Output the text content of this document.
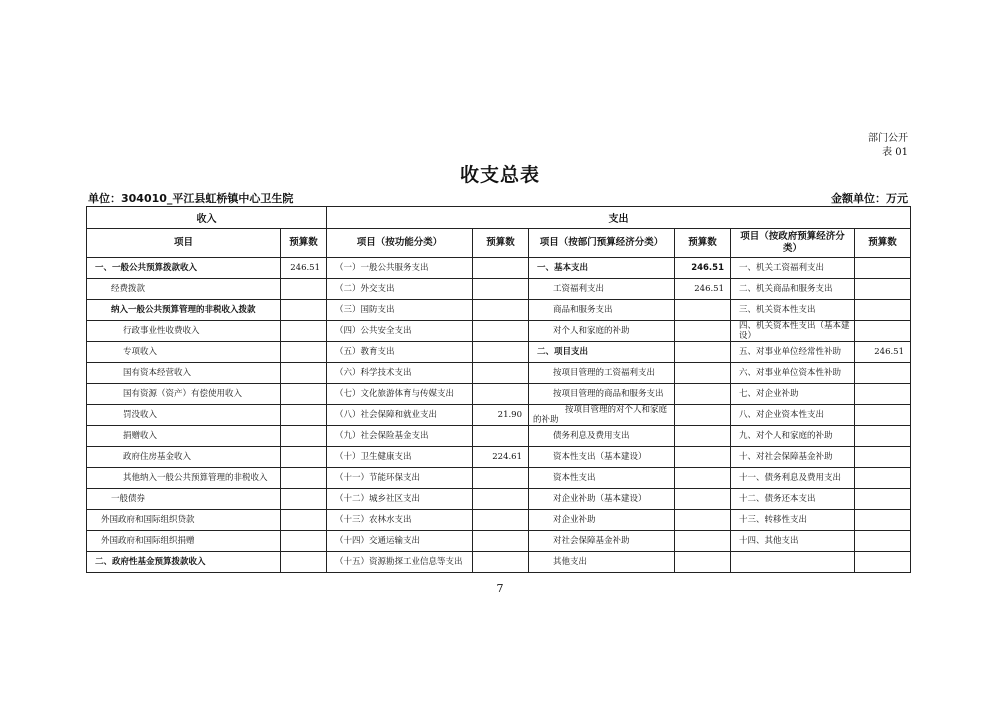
部门公开
表 01
收支总表
单位：304010_平江县虹桥镇中心卫生院	金额单位：万元
收入		支出					
项目	预算数	项目（按功能分类）	预算数	项目（按部门预算经济分类）	预算数	项目（按政府预算经济分类）	预算数
一、一般公共预算拨款收入	246.51	（一）一般公共服务支出		一、基本支出	246.51	一、机关工资福利支出	
经费拨款		（二）外交支出		工资福利支出	246.51	二、机关商品和服务支出	
纳入一般公共预算管理的非税收入拨款		（三）国防支出		商品和服务支出		三、机关资本性支出	
行政事业性收费收入		（四）公共安全支出		对个人和家庭的补助		四、机关资本性支出（基本建设）	
专项收入		（五）教育支出		二、项目支出		五、对事业单位经常性补助	246.51
国有资本经营收入		（六）科学技术支出		按项目管理的工资福利支出		六、对事业单位资本性补助	
国有资源（资产）有偿使用收入		（七）文化旅游体育与传媒支出		按项目管理的商品和服务支出		七、对企业补助	
罚没收入		（八）社会保障和就业支出	21.90	按项目管理的对个人和家庭的补助		八、对企业资本性支出	
捐赠收入		（九）社会保险基金支出		债务利息及费用支出		九、对个人和家庭的补助	
政府住房基金收入		（十）卫生健康支出	224.61	资本性支出（基本建设）		十、对社会保障基金补助	
其他纳入一般公共预算管理的非税收入		（十一）节能环保支出		资本性支出		十一、债务利息及费用支出	
一般债券		（十二）城乡社区支出		对企业补助（基本建设）		十二、债务还本支出	
外国政府和国际组织贷款		（十三）农林水支出		对企业补助		十三、转移性支出	
外国政府和国际组织捐赠		（十四）交通运输支出		对社会保障基金补助		十四、其他支出	
二、政府性基金预算拨款收入		（十五）资源勘探工业信息等支出		其他支出			
7
